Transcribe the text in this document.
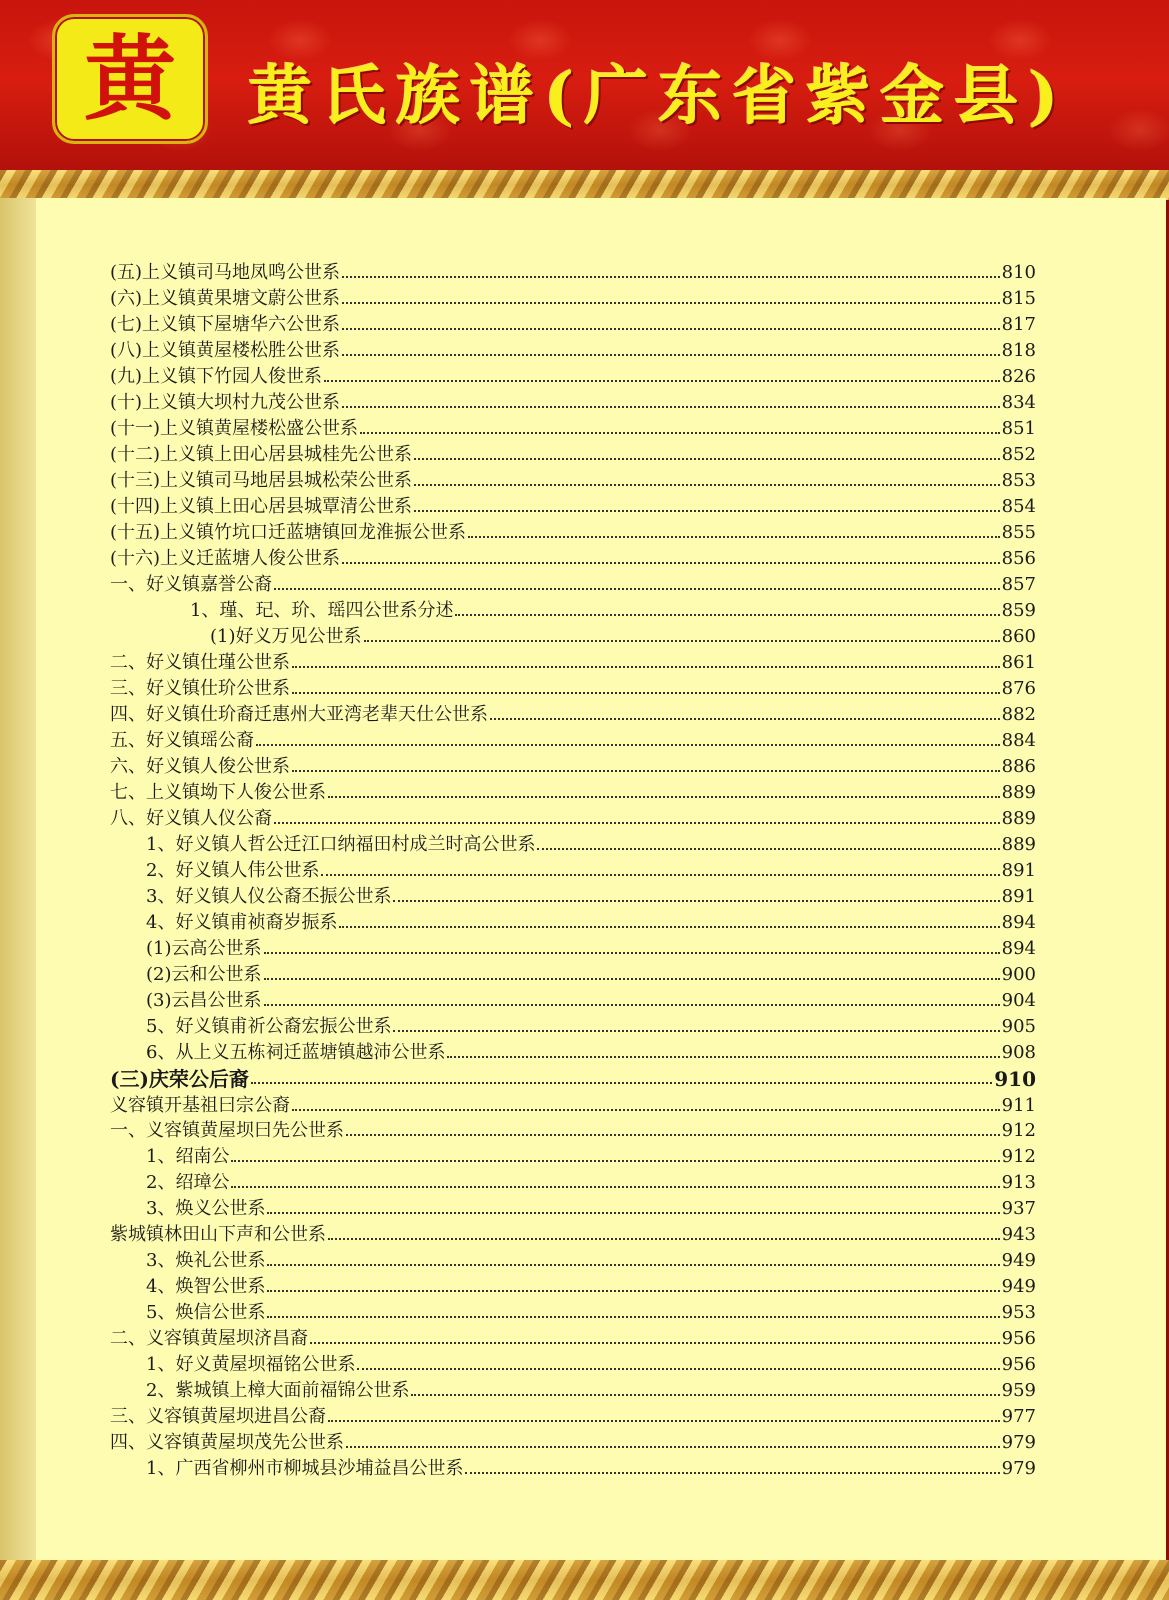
黄 黄氏族谱(广东省紫金县)
(五)上义镇司马地凤鸣公世系	810
(六)上义镇黄果塘文蔚公世系	815
(七)上义镇下屋塘华六公世系	817
(八)上义镇黄屋楼松胜公世系	818
(九)上义镇下竹园人俊世系	826
(十)上义镇大坝村九茂公世系	834
(十一)上义镇黄屋楼松盛公世系	851
(十二)上义镇上田心居县城桂先公世系	852
(十三)上义镇司马地居县城松荣公世系	853
(十四)上义镇上田心居县城覃清公世系	854
(十五)上义镇竹坑口迁蓝塘镇回龙淮振公世系	855
(十六)上义迁蓝塘人俊公世系	856
一、好义镇嘉誉公裔	857
1、瑾、玘、玠、瑶四公世系分述	859
(1)好义万见公世系	860
二、好义镇仕瑾公世系	861
三、好义镇仕玠公世系	876
四、好义镇仕玠裔迁惠州大亚湾老辈天仕公世系	882
五、好义镇瑶公裔	884
六、好义镇人俊公世系	886
七、上义镇坳下人俊公世系	889
八、好义镇人仪公裔	889
1、好义镇人哲公迁江口纳福田村成兰时高公世系	889
2、好义镇人伟公世系	891
3、好义镇人仪公裔丕振公世系	891
4、好义镇甫祯裔岁振系	894
(1)云高公世系	894
(2)云和公世系	900
(3)云昌公世系	904
5、好义镇甫祈公裔宏振公世系	905
6、从上义五栋祠迁蓝塘镇越沛公世系	908
(三)庆荣公后裔	910
义容镇开基祖曰宗公裔	911
一、义容镇黄屋坝曰先公世系	912
1、绍南公	912
2、绍璋公	913
3、焕义公世系	937
紫城镇林田山下声和公世系	943
3、焕礼公世系	949
4、焕智公世系	949
5、焕信公世系	953
二、义容镇黄屋坝济昌裔	956
1、好义黄屋坝福铭公世系	956
2、紫城镇上樟大面前福锦公世系	959
三、义容镇黄屋坝进昌公裔	977
四、义容镇黄屋坝茂先公世系	979
1、广西省柳州市柳城县沙埔益昌公世系	979
